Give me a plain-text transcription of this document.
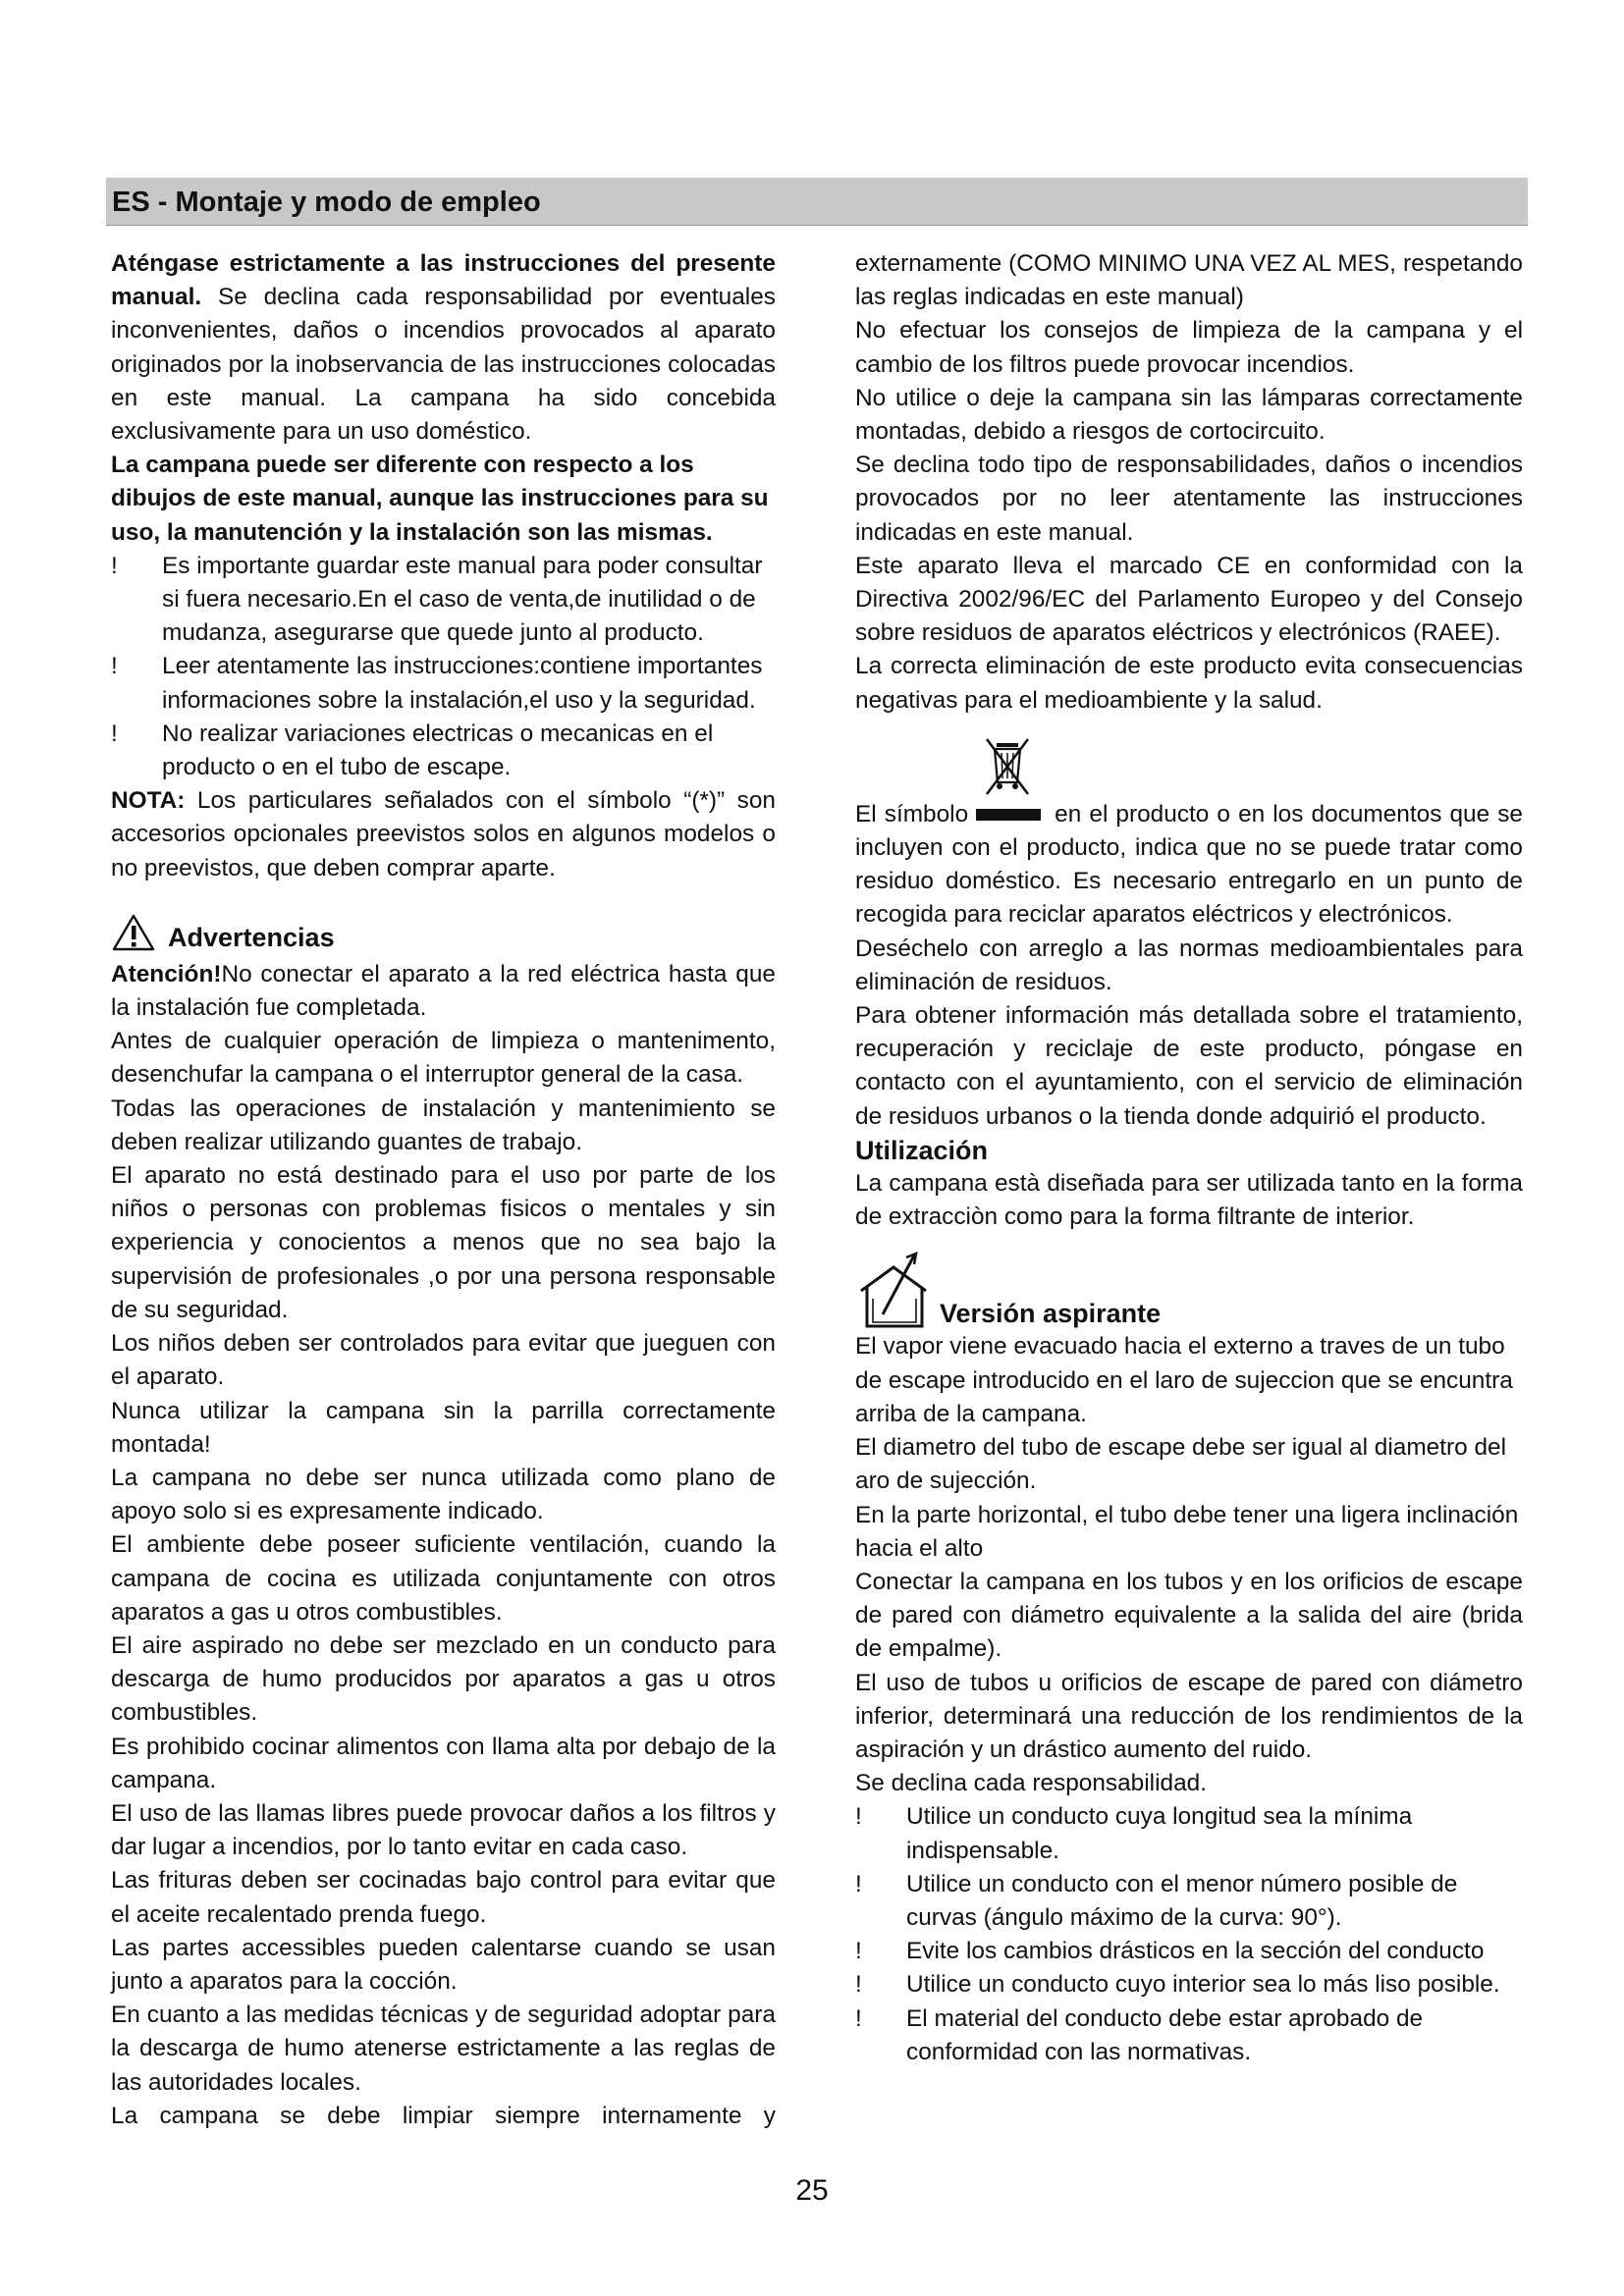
ES - Montaje y modo de empleo

Aténgase estrictamente a las instrucciones del presente manual. Se declina cada responsabilidad por eventuales inconvenientes, daños o incendios provocados al aparato originados por la inobservancia de las instrucciones colocadas en este manual. La campana ha sido concebida exclusivamente para un uso doméstico.

La campana puede ser diferente con respecto a los dibujos de este manual, aunque las instrucciones para su uso, la manutención y la instalación son las mismas.

! Es importante guardar este manual para poder consultar si fuera necesario.En el caso de venta,de inutilidad o de mudanza, asegurarse que quede junto al producto.

! Leer atentamente las instrucciones:contiene importantes informaciones sobre la instalación,el uso y la seguridad.

! No realizar variaciones electricas o mecanicas en el producto o en el tubo de escape.

NOTA: Los particulares señalados con el símbolo “(*)” son accesorios opcionales preevistos solos en algunos modelos o no preevistos, que deben comprar aparte.

Advertencias

Atención!No conectar el aparato a la red eléctrica hasta que la instalación fue completada.

Antes de cualquier operación de limpieza o mantenimento, desenchufar la campana o el interruptor general de la casa.

Todas las operaciones de instalación y mantenimiento se deben realizar utilizando guantes de trabajo.

El aparato no está destinado para el uso por parte de los niños o personas con problemas fisicos o mentales y sin experiencia y conocientos a menos que no sea bajo la supervisión de profesionales ,o por una persona responsable de su seguridad.

Los niños deben ser controlados para evitar que jueguen con el aparato.

Nunca utilizar la campana sin la parrilla correctamente montada!

La campana no debe ser nunca utilizada como plano de apoyo solo si es expresamente indicado.

El ambiente debe poseer suficiente ventilación, cuando la campana de cocina es utilizada conjuntamente con otros aparatos a gas u otros combustibles.

El aire aspirado no debe ser mezclado en un conducto para descarga de humo producidos por aparatos a gas u otros combustibles.

Es prohibido cocinar alimentos con llama alta por debajo de la campana.

El uso de las llamas libres puede provocar daños a los filtros y dar lugar a incendios, por lo tanto evitar en cada caso.

Las frituras deben ser cocinadas bajo control para evitar que el aceite recalentado prenda fuego.

Las partes accessibles pueden calentarse cuando se usan junto a aparatos para la cocción.

En cuanto a las medidas técnicas y de seguridad adoptar para la descarga de humo atenerse estrictamente a las reglas de las autoridades locales.

La campana se debe limpiar siempre internamente y

externamente (COMO MINIMO UNA VEZ AL MES, respetando las reglas indicadas en este manual)

No efectuar los consejos de limpieza de la campana y el cambio de los filtros puede provocar incendios.

No utilice o deje la campana sin las lámparas correctamente montadas, debido a riesgos de cortocircuito.

Se declina todo tipo de responsabilidades, daños o incendios provocados por no leer atentamente las instrucciones indicadas en este manual.

Este aparato lleva el marcado CE en conformidad con la Directiva 2002/96/EC del Parlamento Europeo y del Consejo sobre residuos de aparatos eléctricos y electrónicos (RAEE).

La correcta eliminación de este producto evita consecuencias negativas para el medioambiente y la salud.

El símbolo	en el producto o en los documentos que se incluyen con el producto, indica que no se puede tratar como residuo doméstico. Es necesario entregarlo en un punto de recogida para reciclar aparatos eléctricos y electrónicos.

Deséchelo con arreglo a las normas medioambientales para eliminación de residuos.

Para obtener información más detallada sobre el tratamiento, recuperación y reciclaje de este producto, póngase en contacto con el ayuntamiento, con el servicio de eliminación de residuos urbanos o la tienda donde adquirió el producto.

Utilización

La campana està diseñada para ser utilizada tanto en la forma de extracciòn como para la forma filtrante de interior.

Versión aspirante

El vapor viene evacuado hacia el externo a traves de un tubo de escape introducido en el laro de sujeccion que se encuntra arriba de la campana.

El diametro del tubo de escape debe ser igual al diametro del aro de sujección.

En la parte horizontal, el tubo debe tener una ligera inclinación hacia el alto

Conectar la campana en los tubos y en los orificios de escape de pared con diámetro equivalente a la salida del aire (brida de empalme).

El uso de tubos u orificios de escape de pared con diámetro inferior, determinará una reducción de los rendimientos de la aspiración y un drástico aumento del ruido.

Se declina cada responsabilidad.

! Utilice un conducto cuya longitud sea la mínima indispensable.

! Utilice un conducto con el menor número posible de curvas (ángulo máximo de la curva: 90°).

! Evite los cambios drásticos en la sección del conducto

! Utilice un conducto cuyo interior sea lo más liso posible.

! El material del conducto debe estar aprobado de conformidad con las normativas.

25
